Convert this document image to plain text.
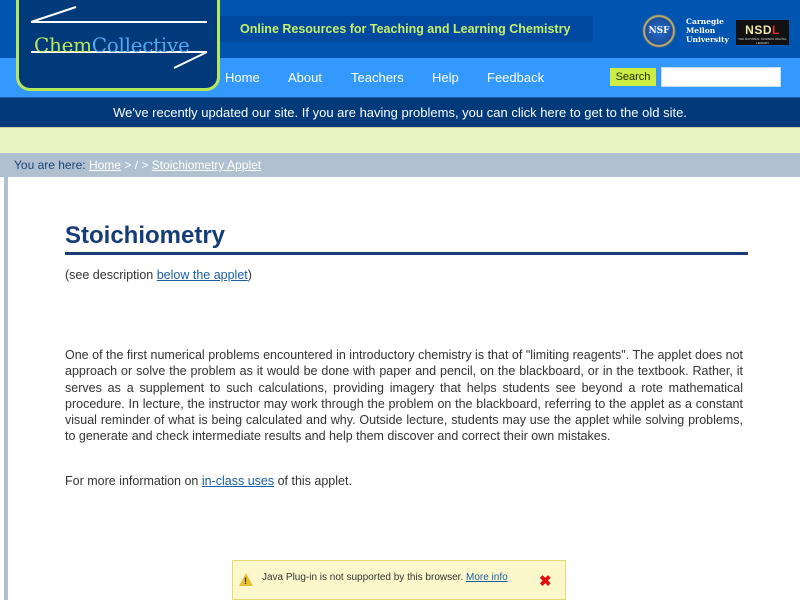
ChemCollective
Online Resources for Teaching and Learning Chemistry	NSF
Carnegie
Mellon
University
NSDL
THE NATIONAL SCIENCE DIGITAL LIBRARY
Home About Teachers Help Feedback	Search
We've recently updated our site. If you are having problems, you can click here to get to the old site.
You are here: Home > / > Stoichiometry Applet
Stoichiometry
(see description below the applet)

One of the first numerical problems encountered in introductory chemistry is that of "limiting reagents". The applet does not approach or solve the problem as it would be done with paper and pencil, on the blackboard, or in the textbook. Rather, it serves as a supplement to such calculations, providing imagery that helps students see beyond a rote mathematical procedure. In lecture, the instructor may work through the problem on the blackboard, referring to the applet as a constant visual reminder of what is being calculated and why. Outside lecture, students may use the applet while solving problems, to generate and check intermediate results and help them discover and correct their own mistakes.

For more information on in-class uses of this applet.
! Java Plug-in is not supported by this browser. More info ✖
